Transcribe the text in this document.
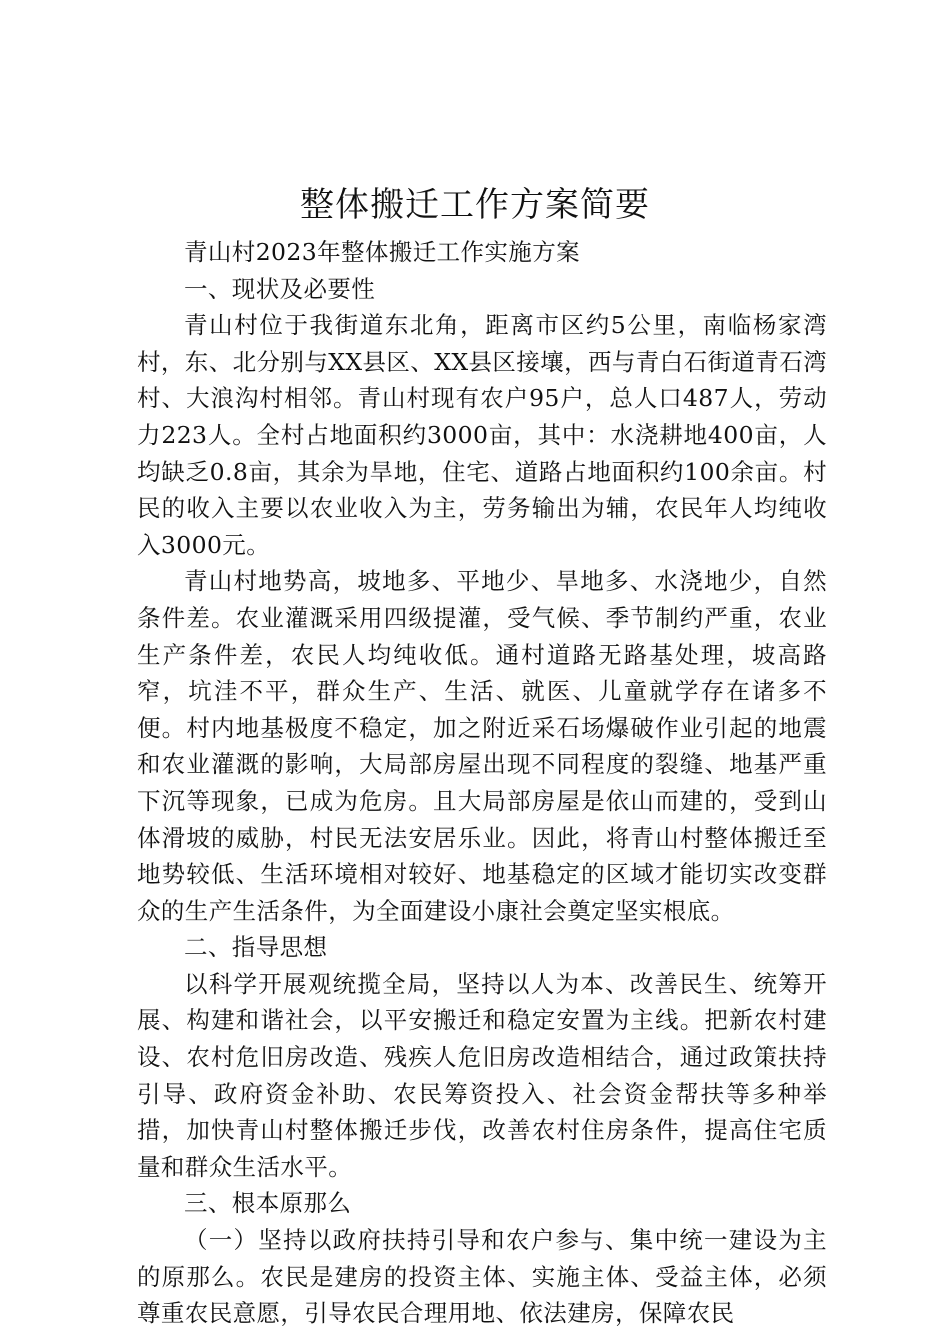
整体搬迁工作方案简要

青山村2023年整体搬迁工作实施方案

一、现状及必要性

青山村位于我街道东北角，距离市区约5公里，南临杨家湾村，东、北分别与XX县区、XX县区接壤，西与青白石街道青石湾村、大浪沟村相邻。青山村现有农户95户，总人口487人，劳动力223人。全村占地面积约3000亩，其中：水浇耕地400亩，人均缺乏0.8亩，其余为旱地，住宅、道路占地面积约100余亩。村民的收入主要以农业收入为主，劳务输出为辅，农民年人均纯收入3000元。

青山村地势高，坡地多、平地少、旱地多、水浇地少，自然条件差。农业灌溉采用四级提灌，受气候、季节制约严重，农业生产条件差，农民人均纯收低。通村道路无路基处理，坡高路窄，坑洼不平，群众生产、生活、就医、儿童就学存在诸多不便。村内地基极度不稳定，加之附近采石场爆破作业引起的地震和农业灌溉的影响，大局部房屋出现不同程度的裂缝、地基严重下沉等现象，已成为危房。且大局部房屋是依山而建的，受到山体滑坡的威胁，村民无法安居乐业。因此，将青山村整体搬迁至地势较低、生活环境相对较好、地基稳定的区域才能切实改变群众的生产生活条件，为全面建设小康社会奠定坚实根底。

二、指导思想

以科学开展观统揽全局，坚持以人为本、改善民生、统筹开展、构建和谐社会，以平安搬迁和稳定安置为主线。把新农村建设、农村危旧房改造、残疾人危旧房改造相结合，通过政策扶持引导、政府资金补助、农民筹资投入、社会资金帮扶等多种举措，加快青山村整体搬迁步伐，改善农村住房条件，提高住宅质量和群众生活水平。

三、根本原那么

（一）坚持以政府扶持引导和农户参与、集中统一建设为主的原那么。农民是建房的投资主体、实施主体、受益主体，必须尊重农民意愿，引导农民合理用地、依法建房，保障农民
